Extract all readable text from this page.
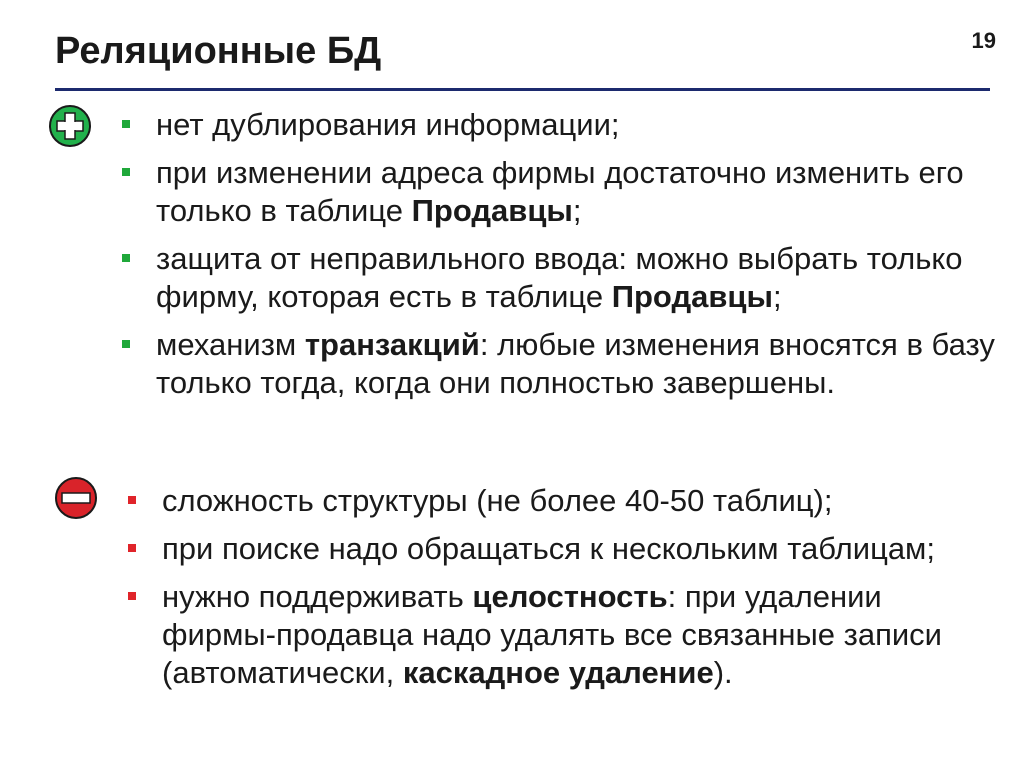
19
Реляционные БД
нет дублирования информации;
при изменении адреса фирмы достаточно изменить его только в таблице Продавцы;
защита от неправильного ввода: можно выбрать только фирму, которая есть в таблице Продавцы;
механизм транзакций: любые изменения вносятся в базу только тогда, когда они полностью завершены.
сложность структуры (не более 40-50 таблиц);
при поиске надо обращаться к нескольким таблицам;
нужно поддерживать целостность: при удалении фирмы-продавца надо удалять все связанные записи (автоматически, каскадное удаление).
